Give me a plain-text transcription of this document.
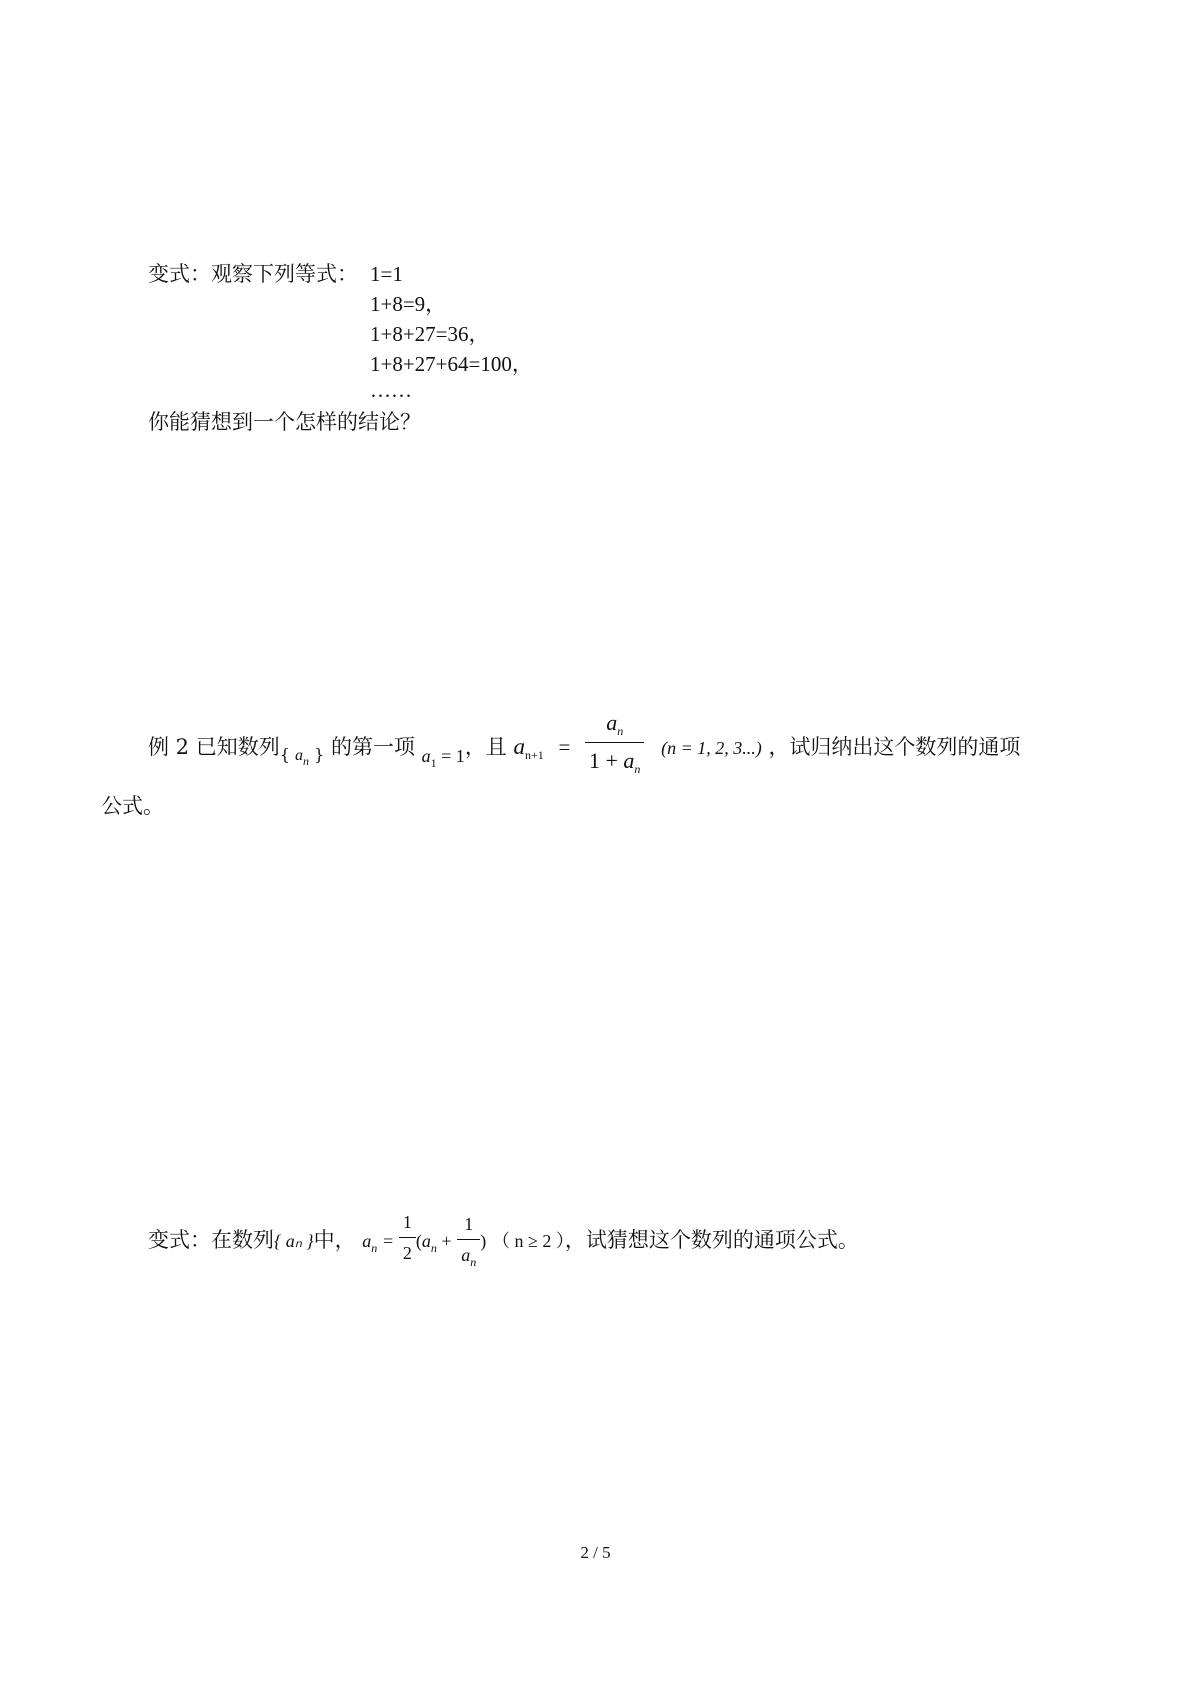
变式：观察下列等式： 1=1
1+8=9，
1+8+27=36，
1+8+27+64=100，
……
你能猜想到一个怎样的结论？
例 2 已知数列$_{\{ a_n \}}$ 的第一项 $a_1 = 1$，且 $a_{n+1} = \frac{a_n}{1 + a_n} (n = 1$, 2, 3...) ，试归纳出这个数列的通项
公式。
变式：在数列{ aₙ }中， $a_n = \frac{1}{2} (a_n + \frac{1}{a_n}$ ) （ n ≥ 2 ），试猜想这个数列的通项公式。
2 / 5
